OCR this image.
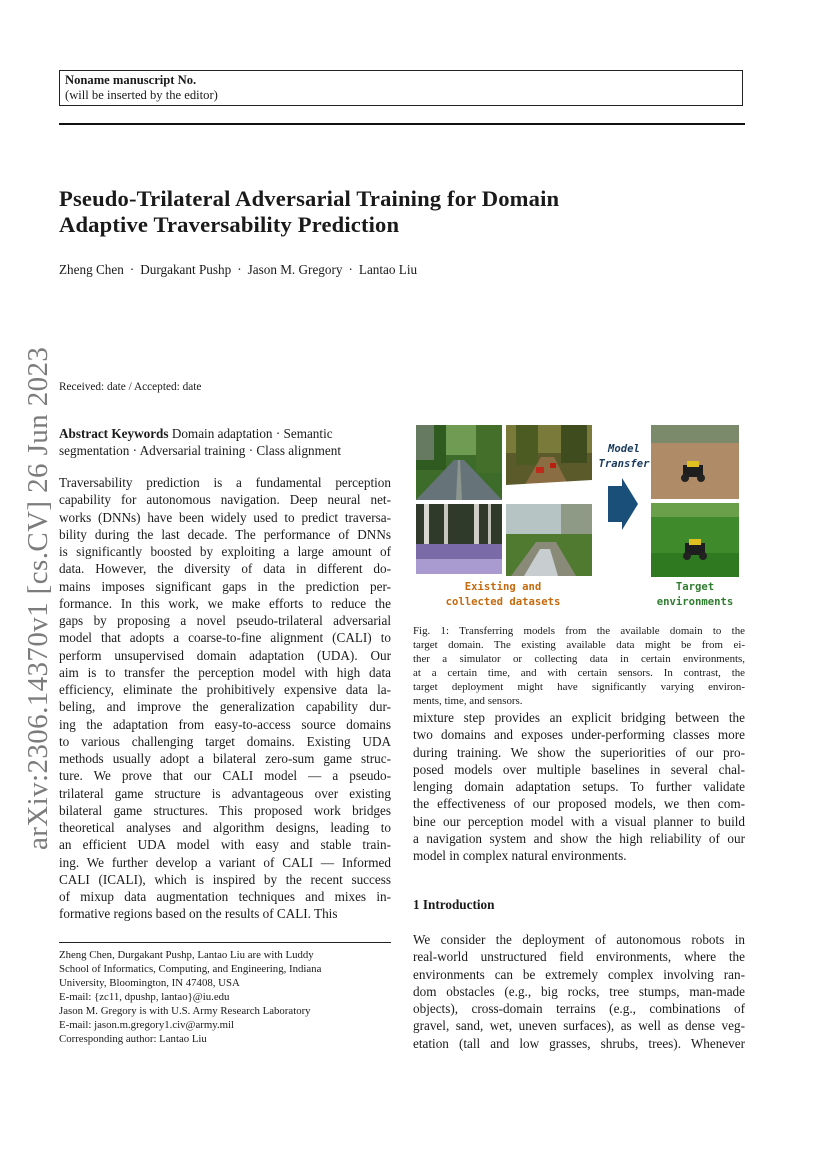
Noname manuscript No.
(will be inserted by the editor)
Pseudo-Trilateral Adversarial Training for Domain
Adaptive Traversability Prediction
Zheng Chen · Durgakant Pushp · Jason M. Gregory · Lantao Liu
arXiv:2306.14370v1 [cs.CV] 26 Jun 2023 Received: date / Accepted: date
Abstract Keywords Domain adaptation · Semantic
segmentation · Adversarial training · Class alignment
Traversability prediction is a fundamental perception
capability for autonomous navigation. Deep neural net-
works (DNNs) have been widely used to predict traversa-
bility during the last decade. The performance of DNNs
is significantly boosted by exploiting a large amount of
data. However, the diversity of data in different do-
mains imposes significant gaps in the prediction per-
formance. In this work, we make efforts to reduce the
gaps by proposing a novel pseudo-trilateral adversarial
model that adopts a coarse-to-fine alignment (CALI) to
perform unsupervised domain adaptation (UDA). Our
aim is to transfer the perception model with high data
efficiency, eliminate the prohibitively expensive data la-
beling, and improve the generalization capability dur-
ing the adaptation from easy-to-access source domains
to various challenging target domains. Existing UDA
methods usually adopt a bilateral zero-sum game struc-
ture. We prove that our CALI model — a pseudo-
trilateral game structure is advantageous over existing
bilateral game structures. This proposed work bridges
theoretical analyses and algorithm designs, leading to
an efficient UDA model with easy and stable train-
ing. We further develop a variant of CALI — Informed
CALI (ICALI), which is inspired by the recent success
of mixup data augmentation techniques and mixes in-
formative regions based on the results of CALI. This
Zheng Chen, Durgakant Pushp, Lantao Liu are with Luddy
School of Informatics, Computing, and Engineering, Indiana
University, Bloomington, IN 47408, USA
E-mail: {zc11, dpushp, lantao}@iu.edu
Jason M. Gregory is with U.S. Army Research Laboratory
E-mail: jason.m.gregory1.civ@army.mil
Corresponding author: Lantao Liu
Model
Transfer
Existing and
collected datasets
Target
environments
Fig. 1: Transferring models from the available domain to the
target domain. The existing available data might be from ei-
ther a simulator or collecting data in certain environments,
at a certain time, and with certain sensors. In contrast, the
target deployment might have significantly varying environ-
ments, time, and sensors.
mixture step provides an explicit bridging between the
two domains and exposes under-performing classes more
during training. We show the superiorities of our pro-
posed models over multiple baselines in several chal-
lenging domain adaptation setups. To further validate
the effectiveness of our proposed models, we then com-
bine our perception model with a visual planner to build
a navigation system and show the high reliability of our
model in complex natural environments.
1 Introduction
We consider the deployment of autonomous robots in
real-world unstructured field environments, where the
environments can be extremely complex involving ran-
dom obstacles (e.g., big rocks, tree stumps, man-made
objects), cross-domain terrains (e.g., combinations of
gravel, sand, wet, uneven surfaces), as well as dense veg-
etation (tall and low grasses, shrubs, trees). Whenever
